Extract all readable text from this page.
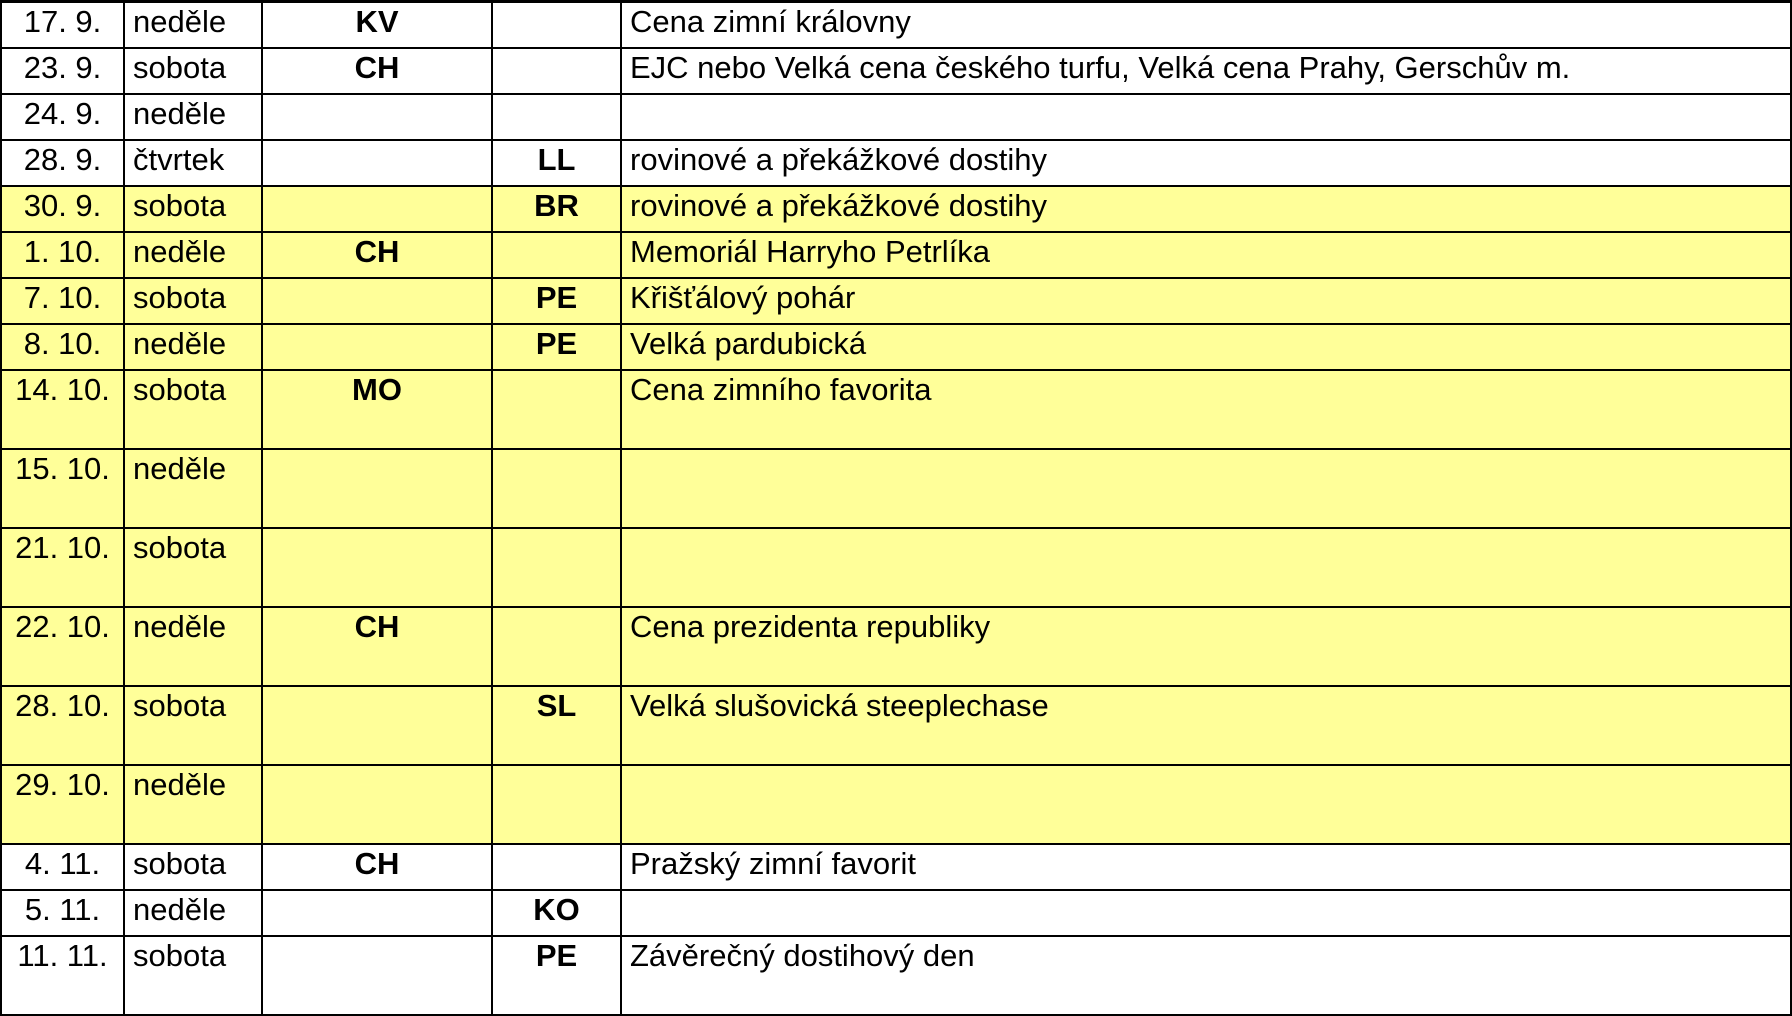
17. 9.	neděle	KV		Cena zimní královny
23. 9.	sobota	CH		EJC nebo Velká cena českého turfu, Velká cena Prahy, Gerschův m.
24. 9.	neděle			
28. 9.	čtvrtek		LL	rovinové a překážkové dostihy
30. 9.	sobota		BR	rovinové a překážkové dostihy
1. 10.	neděle	CH		Memoriál Harryho Petrlíka
7. 10.	sobota		PE	Křišťálový pohár
8. 10.	neděle		PE	Velká pardubická
14. 10.	sobota	MO		Cena zimního favorita
15. 10.	neděle			
21. 10.	sobota			
22. 10.	neděle	CH		Cena prezidenta republiky
28. 10.	sobota		SL	Velká slušovická steeplechase
29. 10.	neděle			
4. 11.	sobota	CH		Pražský zimní favorit
5. 11.	neděle		KO	
11. 11.	sobota		PE	Závěrečný dostihový den
